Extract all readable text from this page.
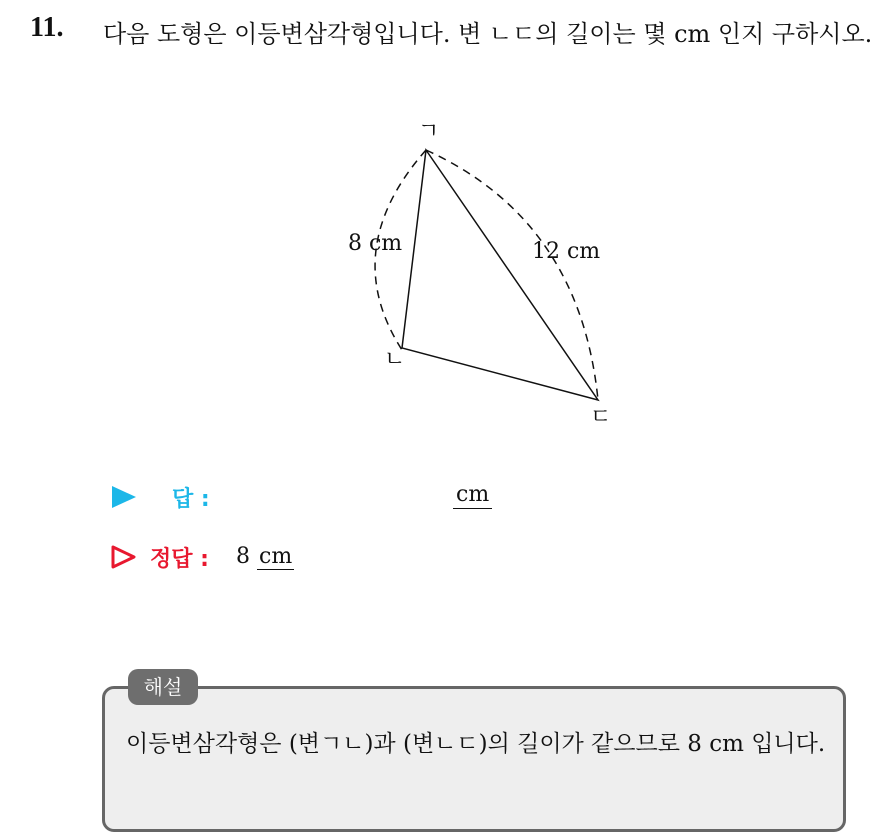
11. 다음 도형은 이등변삼각형입니다. 변 ㄴㄷ의 길이는 몇 cm 인지 구하시오.
ㄱ
ㄴ
ㄷ
8 cm	12 cm
답 :	cm
정답 : 8 cm
해설
이등변삼각형은 (변ㄱㄴ)과 (변ㄴㄷ)의 길이가 같으므로 8 cm 입니다.
